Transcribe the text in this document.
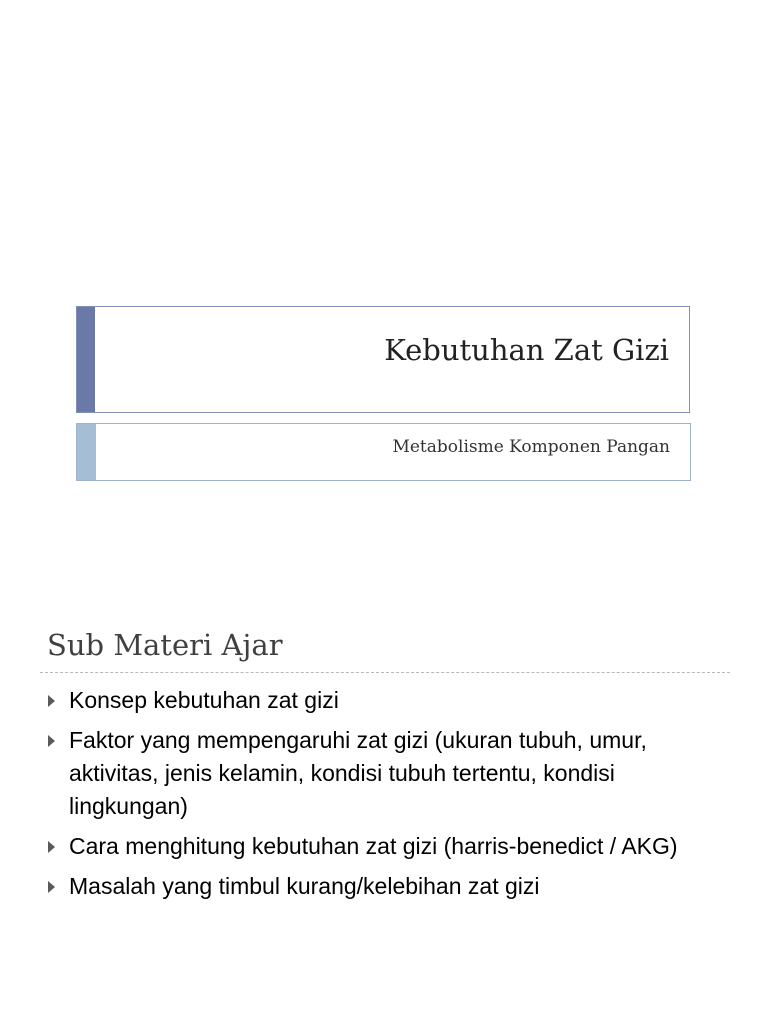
Kebutuhan Zat Gizi
Metabolisme Komponen Pangan
Sub Materi Ajar
Konsep kebutuhan zat gizi
Faktor yang mempengaruhi zat gizi (ukuran tubuh, umur, aktivitas, jenis kelamin, kondisi tubuh tertentu, kondisi lingkungan)
Cara menghitung kebutuhan zat gizi (harris-benedict / AKG)
Masalah yang timbul kurang/kelebihan zat gizi
